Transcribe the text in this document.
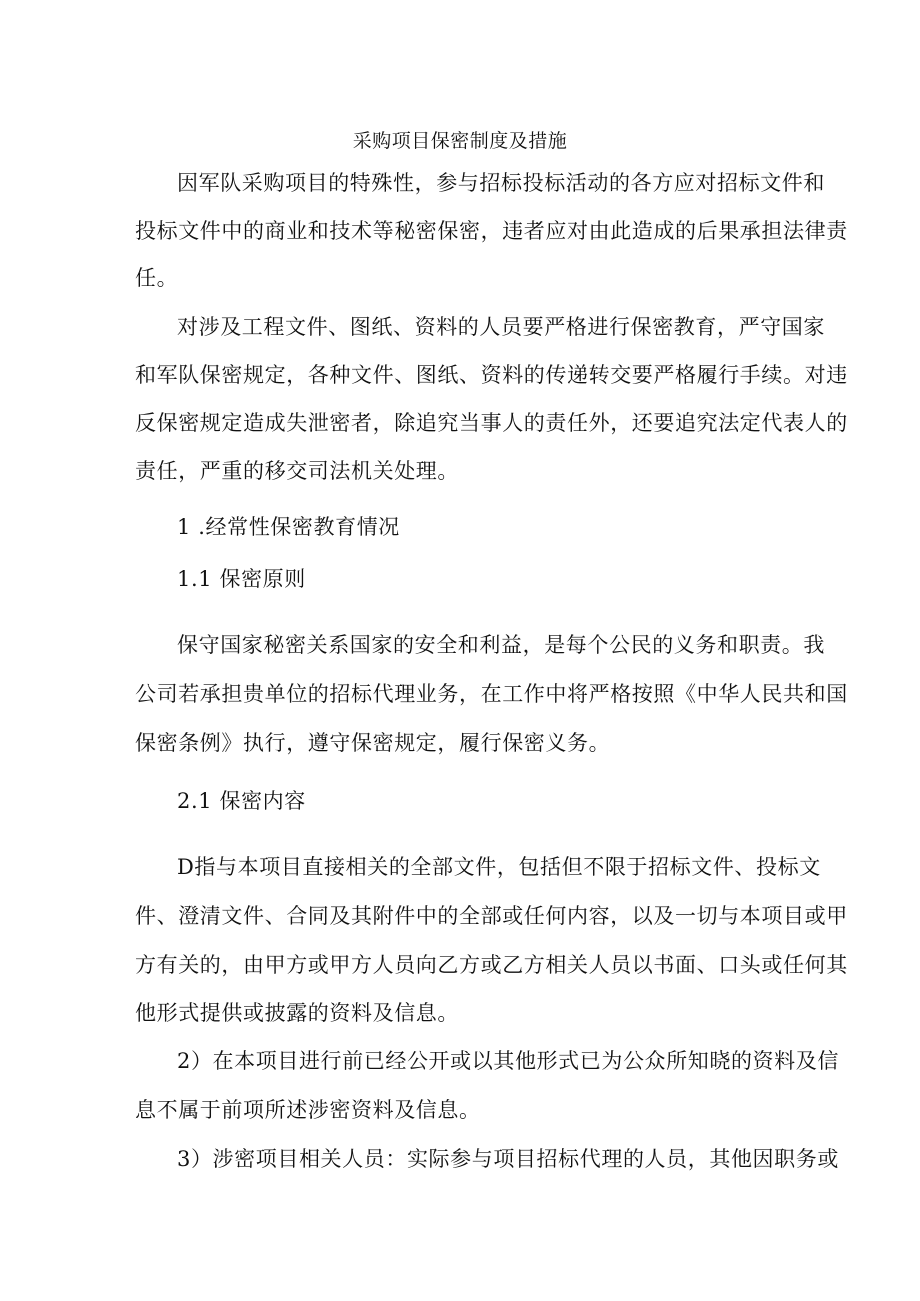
采购项目保密制度及措施
因军队采购项目的特殊性，参与招标投标活动的各方应对招标文件和
投标文件中的商业和技术等秘密保密，违者应对由此造成的后果承担法律责
任。
对涉及工程文件、图纸、资料的人员要严格进行保密教育，严守国家
和军队保密规定，各种文件、图纸、资料的传递转交要严格履行手续。对违
反保密规定造成失泄密者，除追究当事人的责任外，还要追究法定代表人的
责任，严重的移交司法机关处理。
1 .经常性保密教育情况
1.1 保密原则
保守国家秘密关系国家的安全和利益，是每个公民的义务和职责。我
公司若承担贵单位的招标代理业务，在工作中将严格按照《中华人民共和国
保密条例》执行，遵守保密规定，履行保密义务。
2.1 保密内容
D指与本项目直接相关的全部文件，包括但不限于招标文件、投标文
件、澄清文件、合同及其附件中的全部或任何内容，以及一切与本项目或甲
方有关的，由甲方或甲方人员向乙方或乙方相关人员以书面、口头或任何其
他形式提供或披露的资料及信息。
2）在本项目进行前已经公开或以其他形式已为公众所知晓的资料及信
息不属于前项所述涉密资料及信息。
3）涉密项目相关人员：实际参与项目招标代理的人员，其他因职务或
